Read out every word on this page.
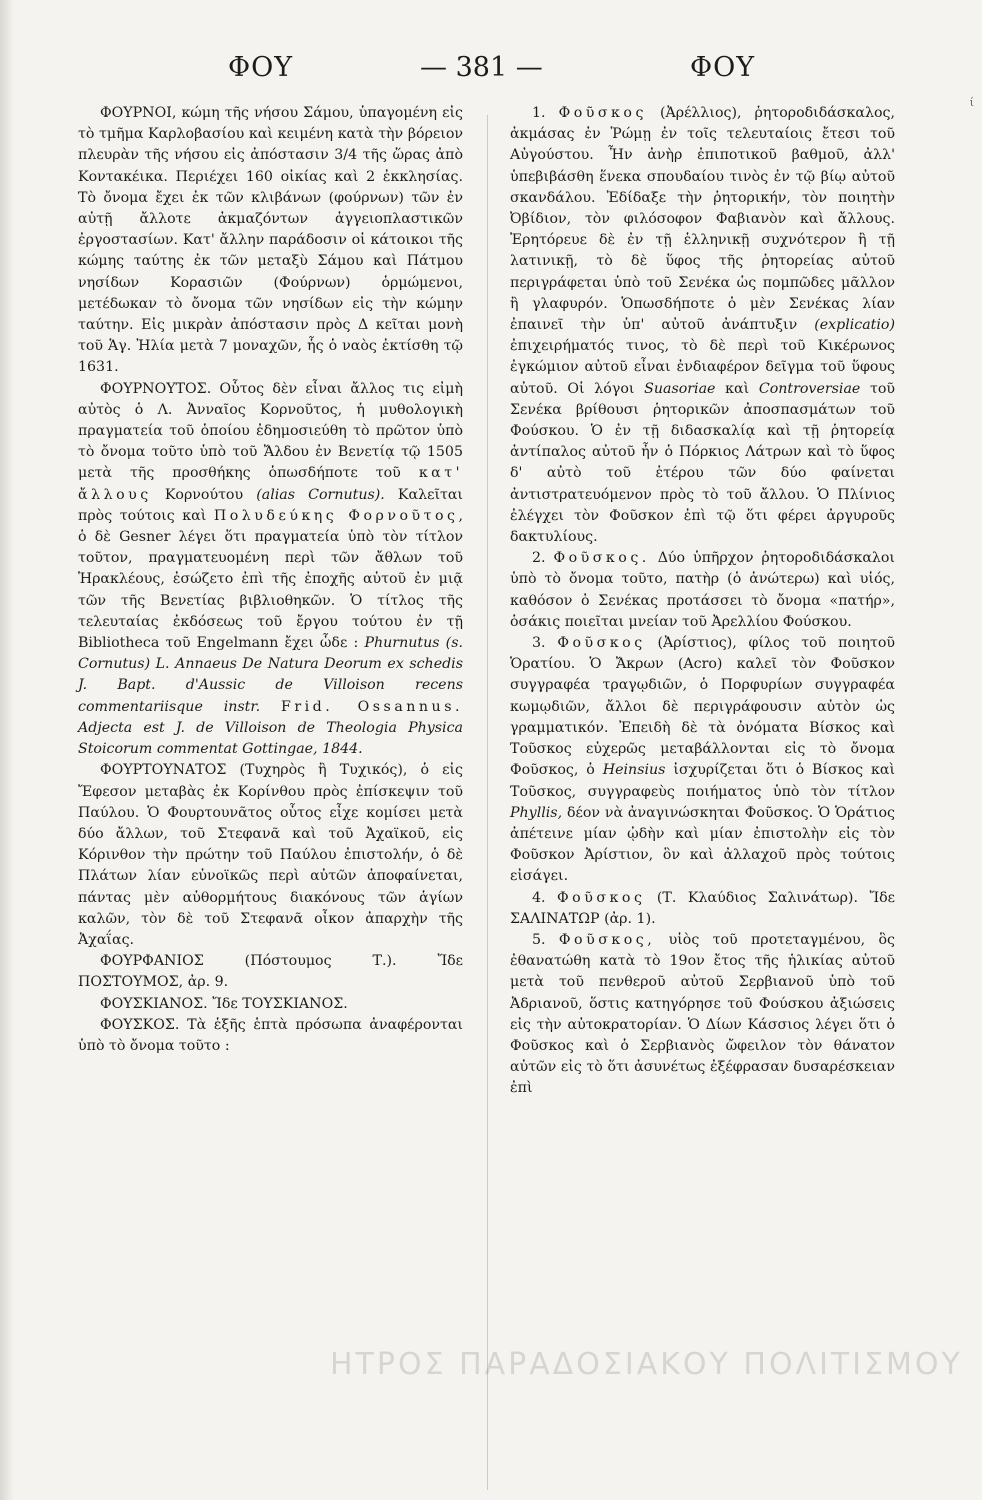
ί
ΦΟΥ	— 381 —	ΦΟΥ

ΦΟΥΡΝΟΙ, κώμη τῆς νήσου Σάμου, ὑπαγομένη εἰς τὸ τμῆμα Καρλοβασίου καὶ κειμένη κατὰ τὴν βόρειον πλευρὰν τῆς νήσου εἰς ἀπόστασιν 3/4 τῆς ὥρας ἀπὸ Κοντακέικα. Περιέχει 160 οἰκίας καὶ 2 ἐκκλησίας. Τὸ ὄνομα ἔχει ἐκ τῶν κλιβάνων (φούρνων) τῶν ἐν αὐτῇ ἄλλοτε ἀκμαζόντων ἀγγειοπλαστικῶν ἐργοστασίων. Κατ' ἄλλην παράδοσιν οἱ κάτοικοι τῆς κώμης ταύτης ἐκ τῶν μεταξὺ Σάμου καὶ Πάτμου νησίδων Κορασιῶν (Φούρνων) ὁρμώμενοι, μετέδωκαν τὸ ὄνομα τῶν νησίδων εἰς τὴν κώμην ταύτην. Εἰς μικρὰν ἀπόστασιν πρὸς Δ κεῖται μονὴ τοῦ Ἁγ. Ἠλία μετὰ 7 μοναχῶν, ἧς ὁ ναὸς ἐκτίσθη τῷ 1631.

ΦΟΥΡΝΟΥΤΟΣ. Οὗτος δὲν εἶναι ἄλλος τις εἰμὴ αὐτὸς ὁ Λ. Ἀνναῖος Κορνοῦτος, ἡ μυθολογικὴ πραγματεία τοῦ ὁποίου ἐδημοσιεύθη τὸ πρῶτον ὑπὸ τὸ ὄνομα τοῦτο ὑπὸ τοῦ Ἄλδου ἐν Βενετίᾳ τῷ 1505 μετὰ τῆς προσθήκης ὁπωσδήποτε τοῦ κατ' ἄλλους Κορνούτου (alias Cornutus). Καλεῖται πρὸς τούτοις καὶ Πολυδεύκης Φορνοῦτος, ὁ δὲ Gesner λέγει ὅτι πραγματεία ὑπὸ τὸν τίτλον τοῦτον, πραγματευομένη περὶ τῶν ἄθλων τοῦ Ἡρακλέους, ἐσώζετο ἐπὶ τῆς ἐποχῆς αὐτοῦ ἐν μιᾷ τῶν τῆς Βενετίας βιβλιοθηκῶν. Ὁ τίτλος τῆς τελευταίας ἐκδόσεως τοῦ ἔργου τούτου ἐν τῇ Bibliotheca τοῦ Engelmann ἔχει ὧδε : Phurnutus (s. Cornutus) L. Annaeus De Natura Deorum ex schedis J. Bapt. d'Aussic de Villoison recens commentariisque instr. Frid. Ossannus. Adjecta est J. de Villoison de Theologia Physica Stoicorum commentat Gottingae, 1844.

ΦΟΥΡΤΟΥΝΑΤΟΣ (Τυχηρὸς ἢ Τυχικός), ὁ εἰς Ἔφεσον μεταβὰς ἐκ Κορίνθου πρὸς ἐπίσκεψιν τοῦ Παύλου. Ὁ Φουρτουνᾶτος οὗτος εἶχε κομίσει μετὰ δύο ἄλλων, τοῦ Στεφανᾶ καὶ τοῦ Ἀχαϊκοῦ, εἰς Κόρινθον τὴν πρώτην τοῦ Παύλου ἐπιστολήν, ὁ δὲ Πλάτων λίαν εὐνοϊκῶς περὶ αὐτῶν ἀποφαίνεται, πάντας μὲν αὐθορμήτους διακόνους τῶν ἁγίων καλῶν, τὸν δὲ τοῦ Στεφανᾶ οἶκον ἀπαρχὴν τῆς Ἀχαΐας.

ΦΟΥΡΦΑΝΙΟΣ (Πόστουμος Τ.). Ἴδε ΠΟΣΤΟΥΜΟΣ, ἀρ. 9.

ΦΟΥΣΚΙΑΝΟΣ. Ἴδε ΤΟΥΣΚΙΑΝΟΣ.

ΦΟΥΣΚΟΣ. Τὰ ἑξῆς ἑπτὰ πρόσωπα ἀναφέρονται ὑπὸ τὸ ὄνομα τοῦτο :

1. Φοῦσκος (Ἀρέλλιος), ῥητοροδιδάσκαλος, ἀκμάσας ἐν Ῥώμῃ ἐν τοῖς τελευταίοις ἔτεσι τοῦ Αὐγούστου. Ἦν ἀνὴρ ἐπιποτικοῦ βαθμοῦ, ἀλλ' ὑπεβιβάσθη ἕνεκα σπουδαίου τινὸς ἐν τῷ βίῳ αὐτοῦ σκανδάλου. Ἐδίδαξε τὴν ῥητορικήν, τὸν ποιητὴν Ὀβίδιον, τὸν φιλόσοφον Φαβιανὸν καὶ ἄλλους. Ἐρητόρευε δὲ ἐν τῇ ἑλληνικῇ συχνότερον ἢ τῇ λατινικῇ, τὸ δὲ ὕφος τῆς ῥητορείας αὐτοῦ περιγράφεται ὑπὸ τοῦ Σενέκα ὡς πομπῶδες μᾶλλον ἢ γλαφυρόν. Ὁπωσδήποτε ὁ μὲν Σενέκας λίαν ἐπαινεῖ τὴν ὑπ' αὐτοῦ ἀνάπτυξιν (explicatio) ἐπιχειρήματός τινος, τὸ δὲ περὶ τοῦ Κικέρωνος ἐγκώμιον αὐτοῦ εἶναι ἐνδιαφέρον δεῖγμα τοῦ ὕφους αὐτοῦ. Οἱ λόγοι Suasoriae καὶ Controversiae τοῦ Σενέκα βρίθουσι ῥητορικῶν ἀποσπασμάτων τοῦ Φούσκου. Ὁ ἐν τῇ διδασκαλίᾳ καὶ τῇ ῥητορείᾳ ἀντίπαλος αὐτοῦ ἦν ὁ Πόρκιος Λάτρων καὶ τὸ ὕφος δ' αὐτὸ τοῦ ἑτέρου τῶν δύο φαίνεται ἀντιστρατευόμενον πρὸς τὸ τοῦ ἄλλου. Ὁ Πλίνιος ἐλέγχει τὸν Φοῦσκον ἐπὶ τῷ ὅτι φέρει ἀργυροῦς δακτυλίους.

2. Φοῦσκος. Δύο ὑπῆρχον ῥητοροδιδάσκαλοι ὑπὸ τὸ ὄνομα τοῦτο, πατὴρ (ὁ ἀνώτερω) καὶ υἱός, καθόσον ὁ Σενέκας προτάσσει τὸ ὄνομα «πατήρ», ὁσάκις ποιεῖται μνείαν τοῦ Ἀρελλίου Φούσκου.

3. Φοῦσκος (Ἀρίστιος), φίλος τοῦ ποιητοῦ Ὁρατίου. Ὁ Ἄκρων (Acro) καλεῖ τὸν Φοῦσκον συγγραφέα τραγῳδιῶν, ὁ Πορφυρίων συγγραφέα κωμῳδιῶν, ἄλλοι δὲ περιγράφουσιν αὐτὸν ὡς γραμματικόν. Ἐπειδὴ δὲ τὰ ὀνόματα Βίσκος καὶ Τοῦσκος εὐχερῶς μεταβάλλονται εἰς τὸ ὄνομα Φοῦσκος, ὁ Heinsius ἰσχυρίζεται ὅτι ὁ Βίσκος καὶ Τοῦσκος, συγγραφεὺς ποιήματος ὑπὸ τὸν τίτλον Phyllis, δέον νὰ ἀναγινώσκηται Φοῦσκος. Ὁ Ὁράτιος ἀπέτεινε μίαν ᾠδὴν καὶ μίαν ἐπιστολὴν εἰς τὸν Φοῦσκον Ἀρίστιον, ὃν καὶ ἀλλαχοῦ πρὸς τούτοις εἰσάγει.

4. Φοῦσκος (Τ. Κλαύδιος Σαλινάτωρ). Ἴδε ΣΑΛΙΝΑΤΩΡ (ἀρ. 1).

5. Φοῦσκος, υἱὸς τοῦ προτεταγμένου, ὃς ἐθανατώθη κατὰ τὸ 19ον ἔτος τῆς ἡλικίας αὐτοῦ μετὰ τοῦ πενθεροῦ αὐτοῦ Σερβιανοῦ ὑπὸ τοῦ Ἀδριανοῦ, ὅστις κατηγόρησε τοῦ Φούσκου ἀξιώσεις εἰς τὴν αὐτοκρατορίαν. Ὁ Δίων Κάσσιος λέγει ὅτι ὁ Φοῦσκος καὶ ὁ Σερβιανὸς ὤφειλον τὸν θάνατον αὐτῶν εἰς τὸ ὅτι ἀσυνέτως ἐξέφρασαν δυσαρέσκειαν ἐπὶ

ΗΤΡΟΣ ΠΑΡΑΔΟΣΙΑΚΟΥ ΠΟΛΙΤΙΣΜΟΥ
